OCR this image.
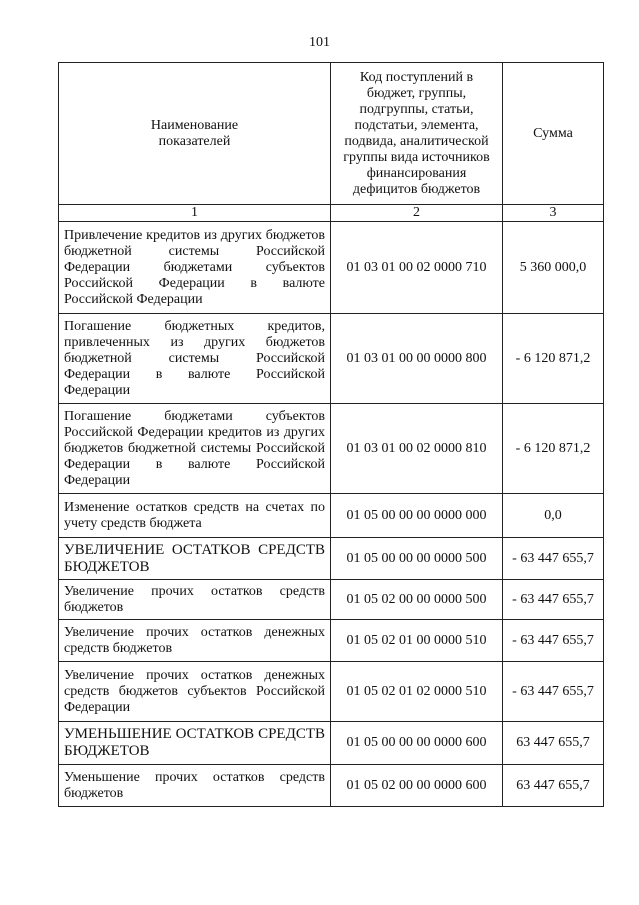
101
Наименование показателей	Код поступлений в бюджет, группы, подгруппы, статьи, подстатьи, элемента, подвида, аналитической группы вида источников финансирования дефицитов бюджетов	Сумма
1	2	3
Привлечение кредитов из других бюджетов бюджетной системы Российской Федерации бюджетами субъектов Российской Федерации в валюте Российской Федерации	01 03 01 00 02 0000 710	5 360 000,0
Погашение бюджетных кредитов, привлеченных из других бюджетов бюджетной системы Российской Федерации в валюте Российской Федерации	01 03 01 00 00 0000 800	- 6 120 871,2
Погашение бюджетами субъектов Российской Федерации кредитов из других бюджетов бюджетной системы Российской Федерации в валюте Российской Федерации	01 03 01 00 02 0000 810	- 6 120 871,2
Изменение остатков средств на счетах по учету средств бюджета	01 05 00 00 00 0000 000	0,0
УВЕЛИЧЕНИЕ ОСТАТКОВ СРЕДСТВ БЮДЖЕТОВ	01 05 00 00 00 0000 500	- 63 447 655,7
Увеличение прочих остатков средств бюджетов	01 05 02 00 00 0000 500	- 63 447 655,7
Увеличение прочих остатков денежных средств бюджетов	01 05 02 01 00 0000 510	- 63 447 655,7
Увеличение прочих остатков денежных средств бюджетов субъектов Российской Федерации	01 05 02 01 02 0000 510	- 63 447 655,7
УМЕНЬШЕНИЕ ОСТАТКОВ СРЕДСТВ БЮДЖЕТОВ	01 05 00 00 00 0000 600	63 447 655,7
Уменьшение прочих остатков средств бюджетов	01 05 02 00 00 0000 600	63 447 655,7
